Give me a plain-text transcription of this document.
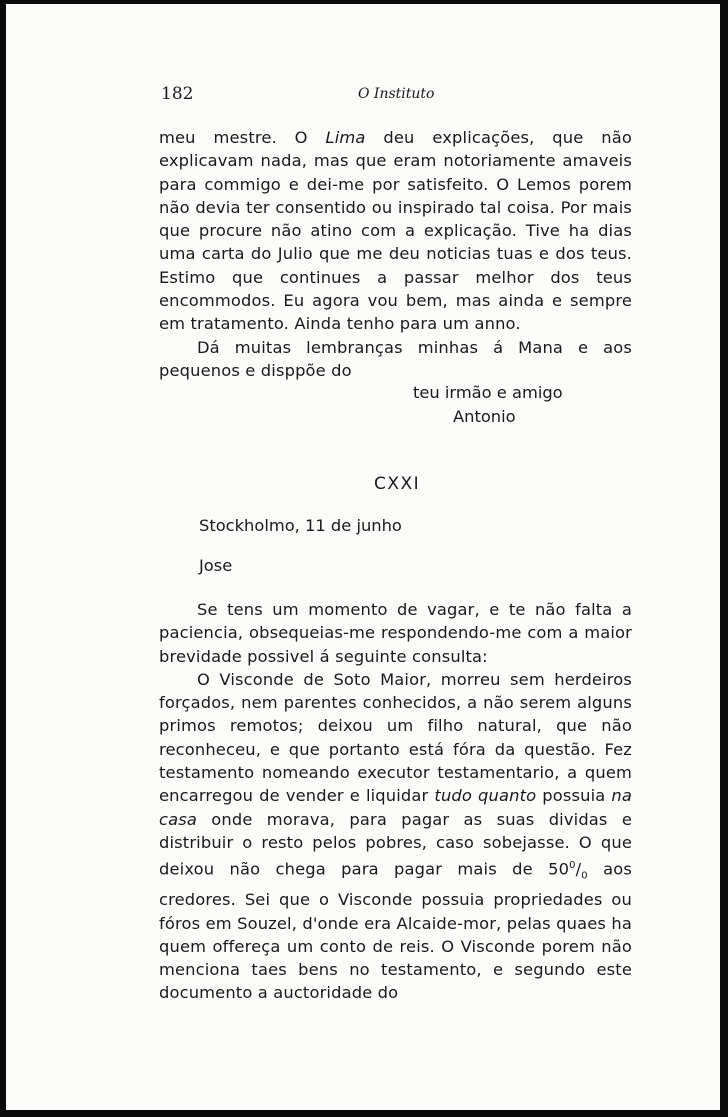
182	O Instituto

meu mestre. O Lima deu explicações, que não explicavam nada, mas que eram notoriamente amaveis para commigo e dei-me por satisfeito. O Lemos porem não devia ter consentido ou inspirado tal coisa. Por mais que procure não atino com a explicação. Tive ha dias uma carta do Julio que me deu noticias tuas e dos teus. Estimo que continues a passar melhor dos teus encommodos. Eu agora vou bem, mas ainda e sempre em tratamento. Ainda tenho para um anno.

Dá muitas lembranças minhas á Mana e aos pequenos e disppõe do

teu irmão e amigo
Antonio
CXXI
Stockholmo, 11 de junho
Jose

Se tens um momento de vagar, e te não falta a paciencia, obsequeias-me respondendo-me com a maior brevidade possivel á seguinte consulta:

O Visconde de Soto Maior, morreu sem herdeiros forçados, nem parentes conhecidos, a não serem alguns primos remotos; deixou um filho natural, que não reconheceu, e que portanto está fóra da questão. Fez testamento nomeando executor testamentario, a quem encarregou de vender e liquidar tudo quanto possuia na casa onde morava, para pagar as suas dividas e distribuir o resto pelos pobres, caso sobejasse. O que deixou não chega para pagar mais de $50^0/_0$ aos credores. Sei que o Visconde possuia propriedades ou fóros em Souzel, d'onde era Alcaide-mor, pelas quaes ha quem offereça um conto de reis. O Visconde porem não menciona taes bens no testamento, e segundo este documento a auctoridade do
